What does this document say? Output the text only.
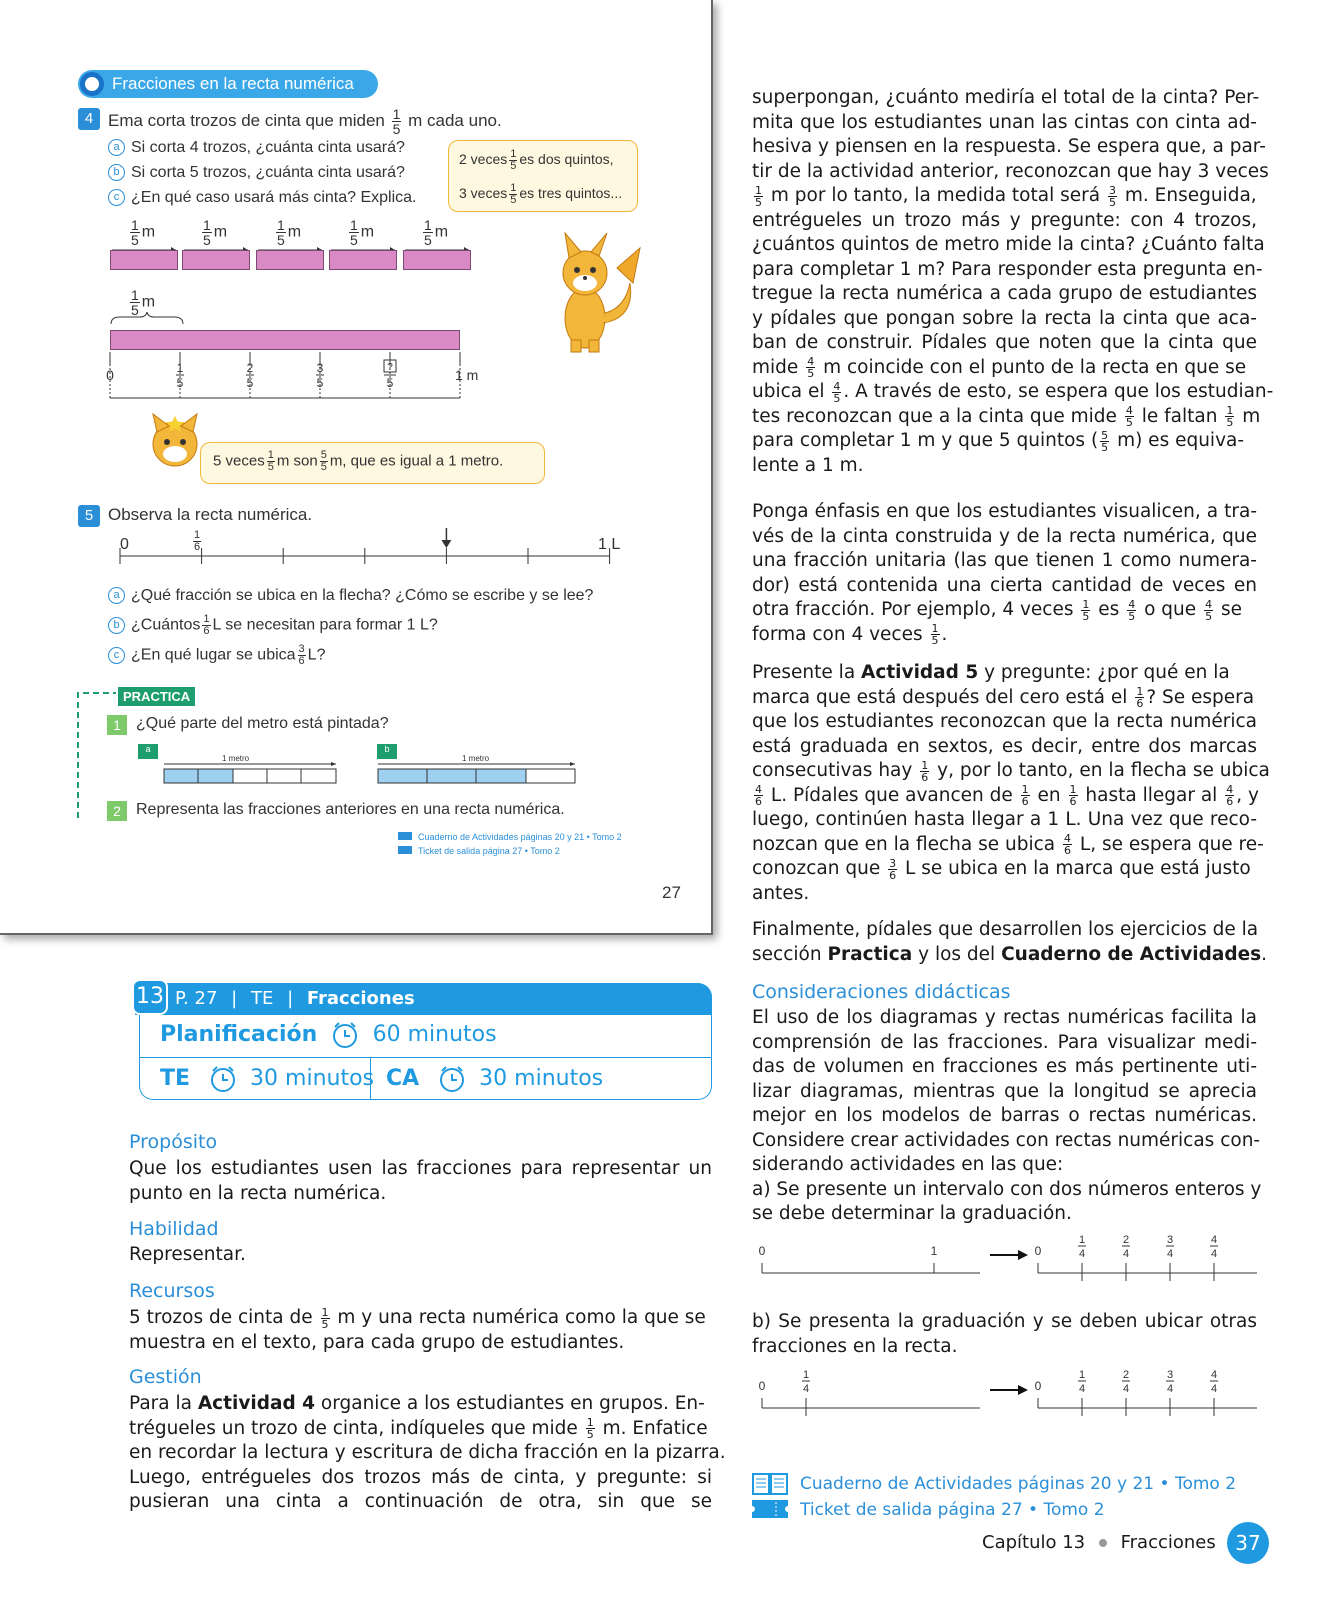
Fracciones en la recta numérica
4 Ema corta trozos de cinta que miden $\frac{1}{5}$ m cada uno.
a Si corta 4 trozos, ¿cuánta cinta usará?
b Si corta 5 trozos, ¿cuánta cinta usará?
c ¿En qué caso usará más cinta? Explica.
2 veces $\frac{1}{5}$ es dos quintos,
3 veces $\frac{1}{5}$ es tres quintos...
$\frac{1}{5}$ m	$\frac{1}{5}$ m	$\frac{1}{5}$ m	$\frac{1}{5}$ m	$\frac{1}{5}$ m
$\frac{1}{5}$ m
0	1
5
2
5
3
5
?
5	1 m
5 veces $\frac{1}{5}$ m son $\frac{5}{5} m$, que es igual a 1 metro.
5 Observa la recta numérica.
0	$\frac{1}{6}$	1 L
a ¿Qué fracción se ubica en la flecha? ¿Cómo se escribe y se lee?
b ¿Cuántos $\frac{1}{6}$ L se necesitan para formar 1 L?
c ¿En qué lugar se ubica $\frac{3}{6} L$?
PRACTICA
1 ¿Qué parte del metro está pintada?
a	b
1 metro	1 metro
2 Representa las fracciones anteriores en una recta numérica.
Cuaderno de Actividades páginas 20 y 21 • Tomo 2
Ticket de salida página 27 • Tomo 2
27
P. 27 | TE | Fracciones
13
Planificación	60 minutos
TE	30 minutos CA	30 minutos
Propósito
Que los estudiantes usen las fracciones para representar un
punto en la recta numérica.
Habilidad
Representar.
Recursos
5 trozos de cinta de $\frac{1}{5}$ m y una recta numérica como la que se
muestra en el texto, para cada grupo de estudiantes.
Gestión
Para la Actividad 4 organice a los estudiantes en grupos. En-
trégueles un trozo de cinta, indíqueles que mide $\frac{1}{5} m$. Enfatice
en recordar la lectura y escritura de dicha fracción en la pizarra.
Luego, entrégueles dos trozos más de cinta, y pregunte: si
pusieran una cinta a continuación de otra, sin que se
superpongan, ¿cuánto mediría el total de la cinta? Per-
mita que los estudiantes unan las cintas con cinta ad-
hesiva y piensen en la respuesta. Se espera que, a par-
tir de la actividad anterior, reconozcan que hay 3 veces
$\frac{1}{5}$ m por lo tanto, la medida total será $\frac{3}{5} m$. Enseguida,
entrégueles un trozo más y pregunte: con 4 trozos,
¿cuántos quintos de metro mide la cinta? ¿Cuánto falta
para completar 1 m? Para responder esta pregunta en-
tregue la recta numérica a cada grupo de estudiantes
y pídales que pongan sobre la recta la cinta que aca-
ban de construir. Pídales que noten que la cinta que
mide $\frac{4}{5}$ m coincide con el punto de la recta en que se
ubica el $\frac{4}{5}$ . A través de esto, se espera que los estudian-
tes reconozcan que a la cinta que mide $\frac{4}{5}$ le faltan $\frac{1}{5}$ m
para completar 1 m y que 5 quintos ( $\frac{5}{5} m$) es equiva-
lente a 1 m.
Ponga énfasis en que los estudiantes visualicen, a tra-
vés de la cinta construida y de la recta numérica, que
una fracción unitaria (las que tienen 1 como numera-
dor) está contenida una cierta cantidad de veces en
otra fracción. Por ejemplo, 4 veces $\frac{1}{5}$ es $\frac{4}{5}$ o que $\frac{4}{5}$ se
forma con 4 veces $\frac{1}{5}$ .
Presente la Actividad 5 y pregunte: ¿por qué en la
marca que está después del cero está el $\frac{1}{6}$ ? Se espera
que los estudiantes reconozcan que la recta numérica
está graduada en sextos, es decir, entre dos marcas
consecutivas hay $\frac{1}{6} y$, por lo tanto, en la flecha se ubica
$\frac{4}{6} L$. Pídales que avancen de $\frac{1}{6}$ en $\frac{1}{6}$ hasta llegar al $\frac{4}{6}$ , y
luego, continúen hasta llegar a 1 L. Una vez que reco-
nozcan que en la flecha se ubica $\frac{4}{6} L$, se espera que re-
conozcan que $\frac{3}{6}$ L se ubica en la marca que está justo
antes.
Finalmente, pídales que desarrollen los ejercicios de la
sección Practica y los del Cuaderno de Actividades.
Consideraciones didácticas
El uso de los diagramas y rectas numéricas facilita la
comprensión de las fracciones. Para visualizar medi-
das de volumen en fracciones es más pertinente uti-
lizar diagramas, mientras que la longitud se aprecia
mejor en los modelos de barras o rectas numéricas.
Considere crear actividades con rectas numéricas con-
siderando actividades en las que:
a) Se presente un intervalo con dos números enteros y
se debe determinar la graduación.
0	1	0
1
4
2
4
3
4
4
4
b) Se presenta la graduación y se deben ubicar otras
fracciones en la recta.
0
1
4	0
1
4
2
4
3
4
4
4
Cuaderno de Actividades páginas 20 y 21 • Tomo 2
Ticket de salida página 27 • Tomo 2
Capítulo 13 Fracciones 37
